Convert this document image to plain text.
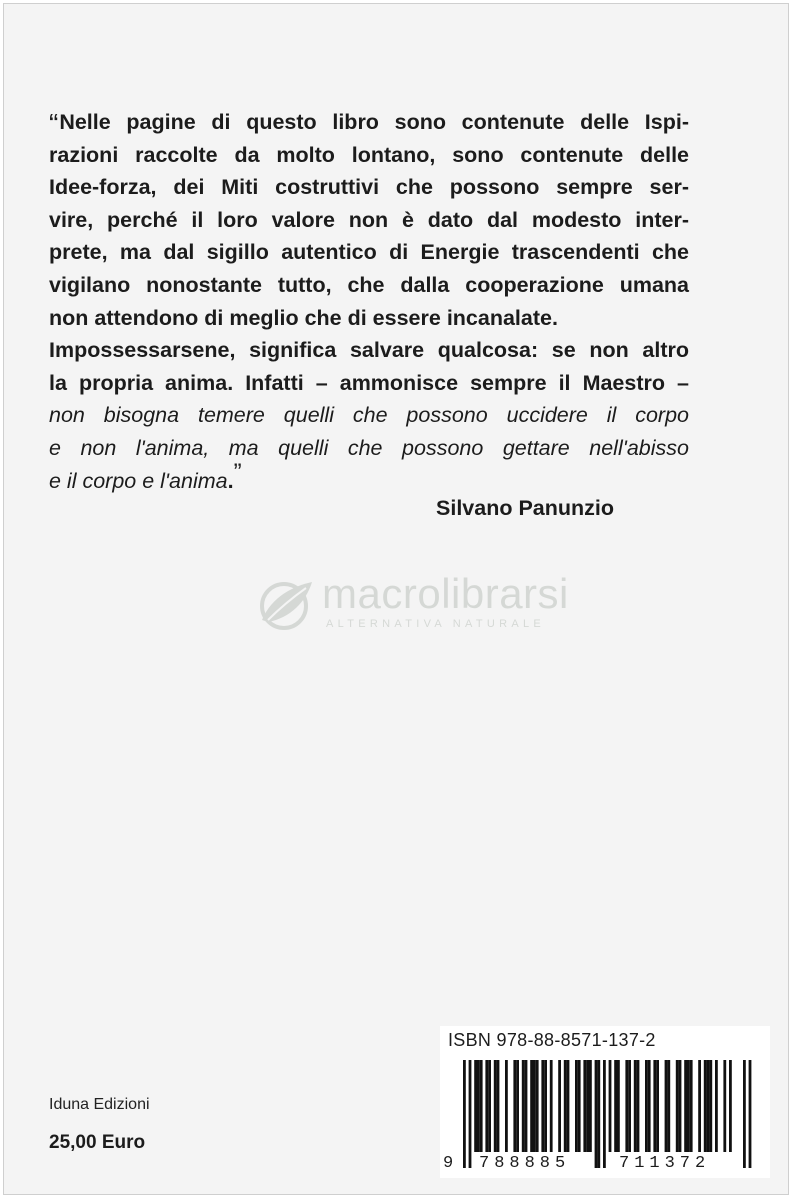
“Nelle pagine di questo libro sono contenute delle Ispi-
razioni raccolte da molto lontano, sono contenute delle
Idee-forza, dei Miti costruttivi che possono sempre ser-
vire, perché il loro valore non è dato dal modesto inter-
prete, ma dal sigillo autentico di Energie trascendenti che
vigilano nonostante tutto, che dalla cooperazione umana
non attendono di meglio che di essere incanalate.
Impossessarsene, significa salvare qualcosa: se non altro
la propria anima. Infatti – ammonisce sempre il Maestro –
non bisogna temere quelli che possono uccidere il corpo
e non l'anima, ma quelli che possono gettare nell'abisso
e il corpo e l'anima.”
Silvano Panunzio
macrolibrarsi
ALTERNATIVA NATURALE
Iduna Edizioni
25,00 Euro
ISBN 978-88-8571-137-2
9 788885	711372
